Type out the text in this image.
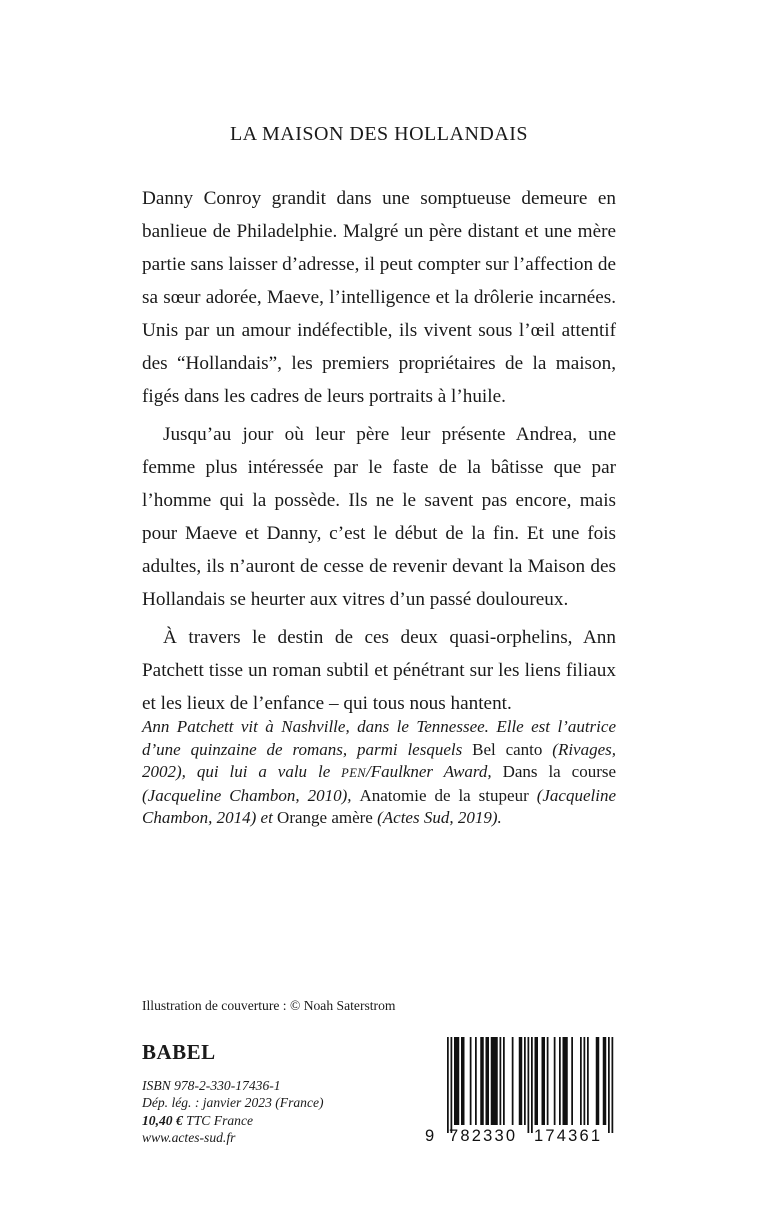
LA MAISON DES HOLLANDAIS

Danny Conroy grandit dans une somptueuse demeure en banlieue de Philadelphie. Malgré un père distant et une mère partie sans laisser d’adresse, il peut compter sur l’affection de sa sœur adorée, Maeve, l’intelligence et la drôlerie incarnées. Unis par un amour indéfectible, ils vivent sous l’œil attentif des “Hollandais”, les premiers propriétaires de la maison, figés dans les cadres de leurs portraits à l’huile.

Jusqu’au jour où leur père leur présente Andrea, une femme plus intéressée par le faste de la bâtisse que par l’homme qui la possède. Ils ne le savent pas encore, mais pour Maeve et Danny, c’est le début de la fin. Et une fois adultes, ils n’auront de cesse de revenir devant la Maison des Hollandais se heurter aux vitres d’un passé douloureux.

À travers le destin de ces deux quasi-orphelins, Ann Patchett tisse un roman subtil et pénétrant sur les liens filiaux et les lieux de l’enfance – qui tous nous hantent.

Ann Patchett vit à Nashville, dans le Tennessee. Elle est l’autrice d’une quinzaine de romans, parmi lesquels Bel canto (Rivages, 2002), qui lui a valu le PEN/Faulkner Award, Dans la course (Jacqueline Chambon, 2010), Anatomie de la stupeur (Jacqueline Chambon, 2014) et Orange amère (Actes Sud, 2019).
Illustration de couverture : © Noah Saterstrom
BABEL
ISBN 978-2-330-17436-1
Dép. lég. : janvier 2023 (France)
10,40 € TTC France
www.actes-sud.fr	9 782330 174361
